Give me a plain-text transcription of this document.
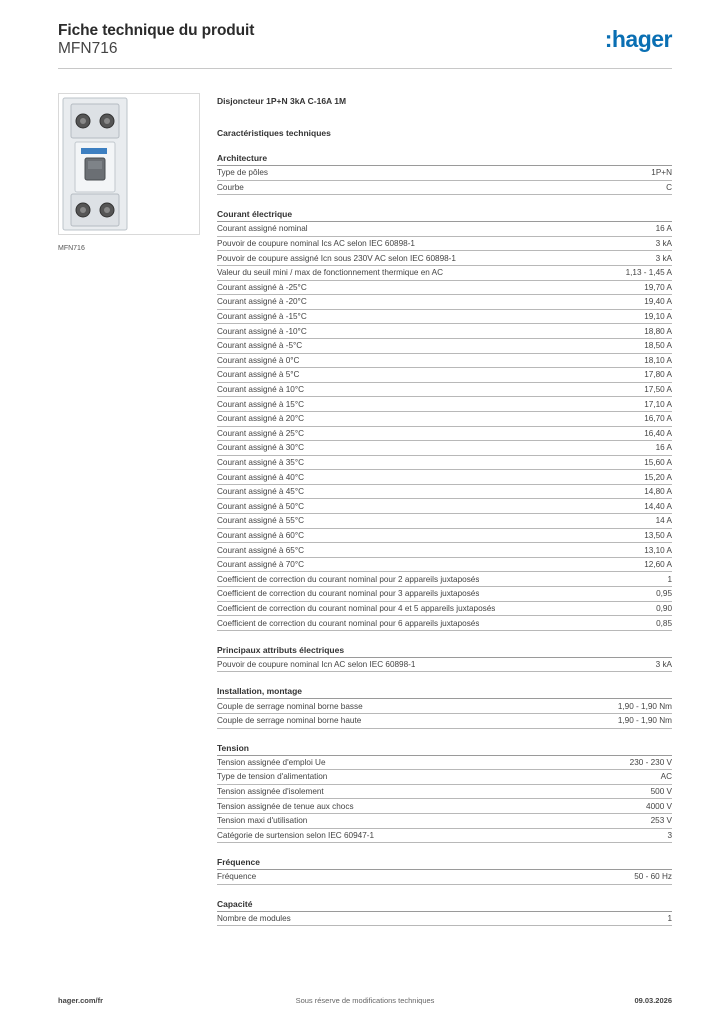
Fiche technique du produit
MFN716	:hager
MFN716
Disjoncteur 1P+N 3kA C-16A 1M
Caractéristiques techniques
Architecture
Type de pôles	1P+N
Courbe	C
Courant électrique
Courant assigné nominal	16 A
Pouvoir de coupure nominal Ics AC selon IEC 60898-1	3 kA
Pouvoir de coupure assigné Icn sous 230V AC selon IEC 60898-1	3 kA
Valeur du seuil mini / max de fonctionnement thermique en AC	1,13 - 1,45 A
Courant assigné à -25°C	19,70 A
Courant assigné à -20°C	19,40 A
Courant assigné à -15°C	19,10 A
Courant assigné à -10°C	18,80 A
Courant assigné à -5°C	18,50 A
Courant assigné à 0°C	18,10 A
Courant assigné à 5°C	17,80 A
Courant assigné à 10°C	17,50 A
Courant assigné à 15°C	17,10 A
Courant assigné à 20°C	16,70 A
Courant assigné à 25°C	16,40 A
Courant assigné à 30°C	16 A
Courant assigné à 35°C	15,60 A
Courant assigné à 40°C	15,20 A
Courant assigné à 45°C	14,80 A
Courant assigné à 50°C	14,40 A
Courant assigné à 55°C	14 A
Courant assigné à 60°C	13,50 A
Courant assigné à 65°C	13,10 A
Courant assigné à 70°C	12,60 A
Coefficient de correction du courant nominal pour 2 appareils juxtaposés	1
Coefficient de correction du courant nominal pour 3 appareils juxtaposés	0,95
Coefficient de correction du courant nominal pour 4 et 5 appareils juxtaposés	0,90
Coefficient de correction du courant nominal pour 6 appareils juxtaposés	0,85
Principaux attributs électriques
Pouvoir de coupure nominal Icn AC selon IEC 60898-1	3 kA
Installation, montage
Couple de serrage nominal borne basse	1,90 - 1,90 Nm
Couple de serrage nominal borne haute	1,90 - 1,90 Nm
Tension
Tension assignée d'emploi Ue	230 - 230 V
Type de tension d'alimentation	AC
Tension assignée d'isolement	500 V
Tension assignée de tenue aux chocs	4000 V
Tension maxi d'utilisation	253 V
Catégorie de surtension selon IEC 60947-1	3
Fréquence
Fréquence	50 - 60 Hz
Capacité
Nombre de modules	1
hager.com/fr	Sous réserve de modifications techniques	09.03.2026
